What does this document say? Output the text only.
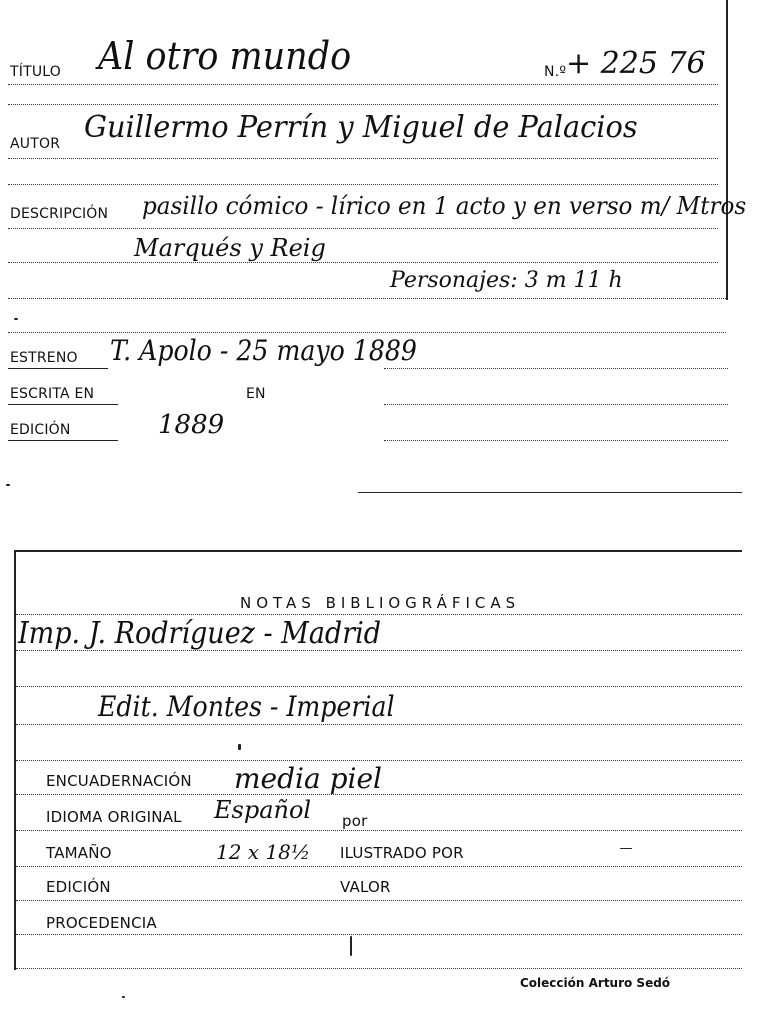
TÍTULO Al otro mundo	N.º + 225 76
AUTOR Guillermo Perrín y Miguel de Palacios
DESCRIPCIÓN pasillo cómico - lírico en 1 acto y en verso m/ Mtros
Marqués y Reig
Personajes: 3 m 11 h
ESTRENO T. Apolo - 25 mayo 1889
ESCRITA EN	EN
EDICIÓN	1889
NOTAS BIBLIOGRÁFICAS
Imp. J. Rodríguez - Madrid
Edit. Montes - Imperial
ENCUADERNACIÓN media piel
IDIOMA ORIGINAL Español por
TAMAÑO	12 x 18½ ILUSTRADO POR
EDICIÓN	VALOR
PROCEDENCIA
Colección Arturo Sedó
